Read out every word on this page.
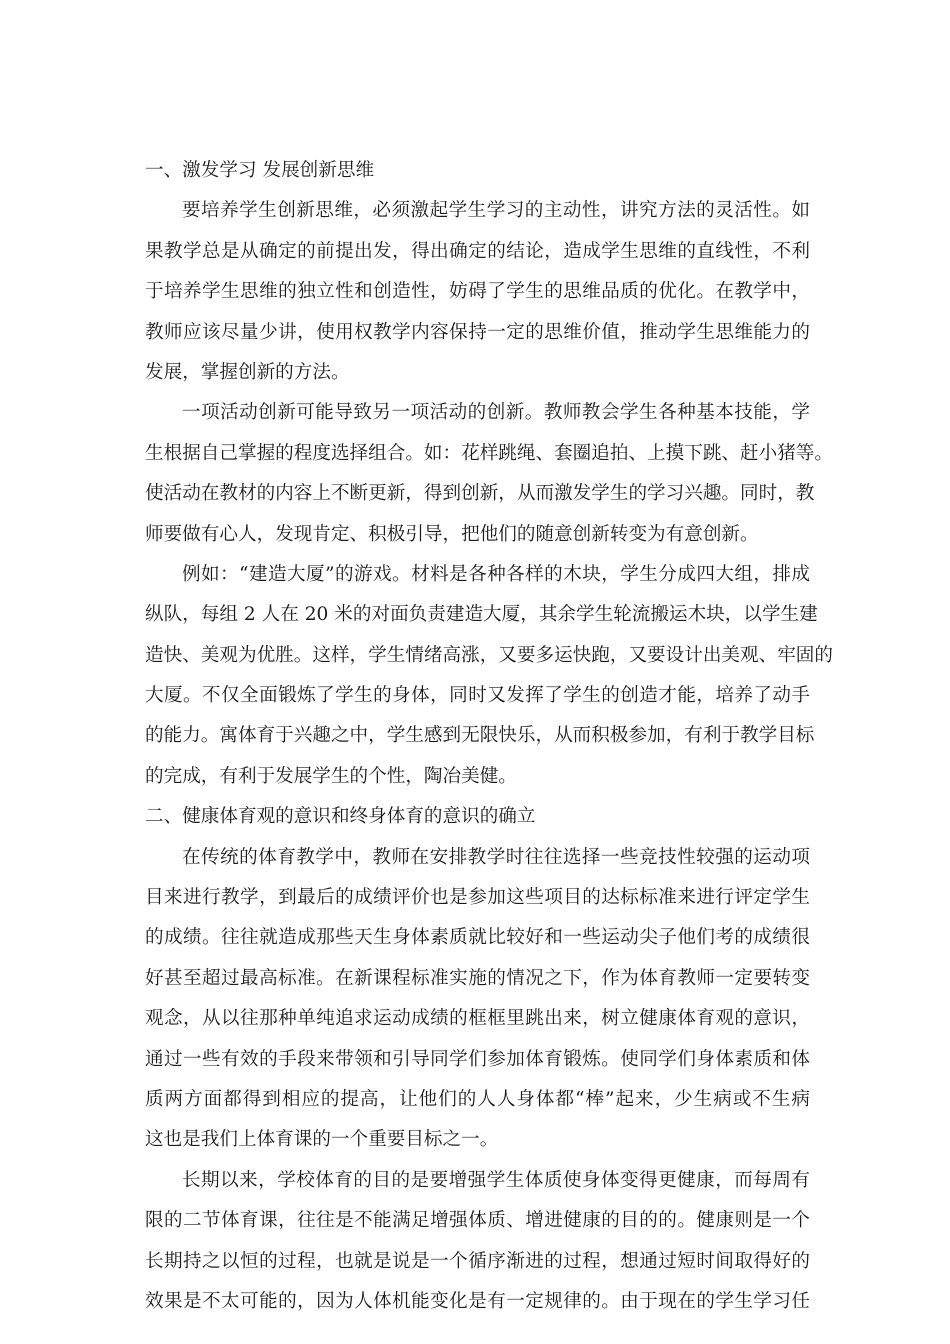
一、激发学习 发展创新思维
要培养学生创新思维，必须激起学生学习的主动性，讲究方法的灵活性。如
果教学总是从确定的前提出发，得出确定的结论，造成学生思维的直线性，不利
于培养学生思维的独立性和创造性，妨碍了学生的思维品质的优化。在教学中，
教师应该尽量少讲，使用权教学内容保持一定的思维价值，推动学生思维能力的
发展，掌握创新的方法。
一项活动创新可能导致另一项活动的创新。教师教会学生各种基本技能，学
生根据自己掌握的程度选择组合。如：花样跳绳、套圈追拍、上摸下跳、赶小猪等。
使活动在教材的内容上不断更新，得到创新，从而激发学生的学习兴趣。同时，教
师要做有心人，发现肯定、积极引导，把他们的随意创新转变为有意创新。
例如：“建造大厦”的游戏。材料是各种各样的木块，学生分成四大组，排成
纵队，每组 2 人在 20 米的对面负责建造大厦，其余学生轮流搬运木块，以学生建
造快、美观为优胜。这样，学生情绪高涨，又要多运快跑，又要设计出美观、牢固的
大厦。不仅全面锻炼了学生的身体，同时又发挥了学生的创造才能，培养了动手
的能力。寓体育于兴趣之中，学生感到无限快乐，从而积极参加，有利于教学目标
的完成，有利于发展学生的个性，陶冶美健。
二、健康体育观的意识和终身体育的意识的确立
在传统的体育教学中，教师在安排教学时往往选择一些竞技性较强的运动项
目来进行教学，到最后的成绩评价也是参加这些项目的达标标准来进行评定学生
的成绩。往往就造成那些天生身体素质就比较好和一些运动尖子他们考的成绩很
好甚至超过最高标准。在新课程标准实施的情况之下，作为体育教师一定要转变
观念，从以往那种单纯追求运动成绩的框框里跳出来，树立健康体育观的意识，
通过一些有效的手段来带领和引导同学们参加体育锻炼。使同学们身体素质和体
质两方面都得到相应的提高，让他们的人人身体都“棒”起来，少生病或不生病
这也是我们上体育课的一个重要目标之一。
长期以来，学校体育的目的是要增强学生体质使身体变得更健康，而每周有
限的二节体育课，往往是不能满足增强体质、增进健康的目的的。健康则是一个
长期持之以恒的过程，也就是说是一个循序渐进的过程，想通过短时间取得好的
效果是不太可能的，因为人体机能变化是有一定规律的。由于现在的学生学习任
